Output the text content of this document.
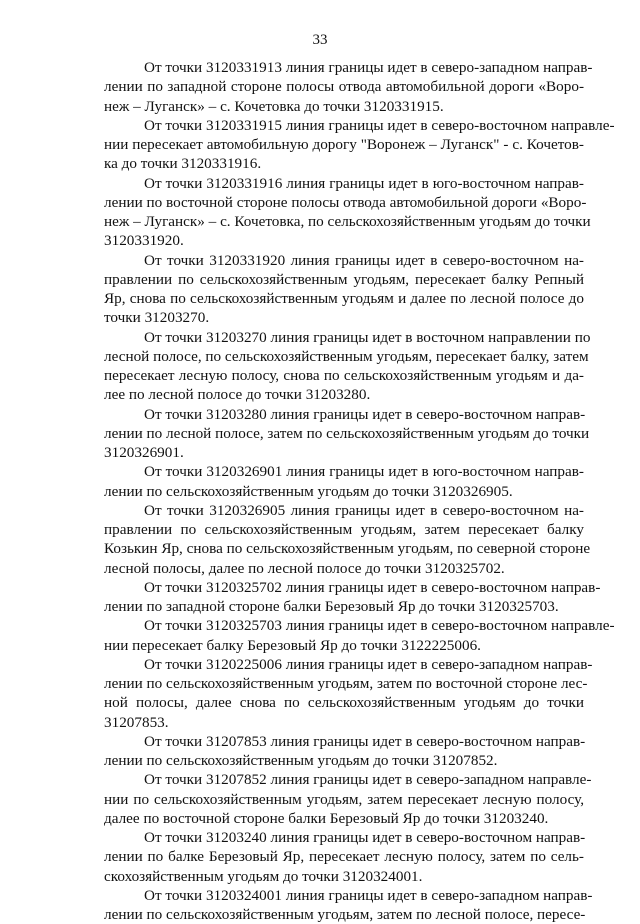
33

От точки 3120331913 линия границы идет в северо-западном направ-
лении по западной стороне полосы отвода автомобильной дороги «Воро-
неж – Луганск» – с. Кочетовка до точки 3120331915.

От точки 3120331915 линия границы идет в северо-восточном направле-
нии пересекает автомобильную дорогу "Воронеж – Луганск" - с. Кочетов-
ка до точки 3120331916.

От точки 3120331916 линия границы идет в юго-восточном направ-
лении по восточной стороне полосы отвода автомобильной дороги «Воро-
неж – Луганск» – с. Кочетовка, по сельскохозяйственным угодьям до точки
3120331920.

От точки 3120331920 линия границы идет в северо-восточном на-
правлении по сельскохозяйственным угодьям, пересекает балку Репный
Яр, снова по сельскохозяйственным угодьям и далее по лесной полосе до
точки 31203270.

От точки 31203270 линия границы идет в восточном направлении по
лесной полосе, по сельскохозяйственным угодьям, пересекает балку, затем
пересекает лесную полосу, снова по сельскохозяйственным угодьям и да-
лее по лесной полосе до точки 31203280.

От точки 31203280 линия границы идет в северо-восточном направ-
лении по лесной полосе, затем по сельскохозяйственным угодьям до точки
3120326901.

От точки 3120326901 линия границы идет в юго-восточном направ-
лении по сельскохозяйственным угодьям до точки 3120326905.

От точки 3120326905 линия границы идет в северо-восточном на-
правлении по сельскохозяйственным угодьям, затем пересекает балку
Козькин Яр, снова по сельскохозяйственным угодьям, по северной стороне
лесной полосы, далее по лесной полосе до точки 3120325702.

От точки 3120325702 линия границы идет в северо-восточном направ-
лении по западной стороне балки Березовый Яр до точки 3120325703.

От точки 3120325703 линия границы идет в северо-восточном направле-
нии пересекает балку Березовый Яр до точки 3122225006.

От точки 3120225006 линия границы идет в северо-западном направ-
лении по сельскохозяйственным угодьям, затем по восточной стороне лес-
ной полосы, далее снова по сельскохозяйственным угодьям до точки
31207853.

От точки 31207853 линия границы идет в северо-восточном направ-
лении по сельскохозяйственным угодьям до точки 31207852.

От точки 31207852 линия границы идет в северо-западном направле-
нии по сельскохозяйственным угодьям, затем пересекает лесную полосу,
далее по восточной стороне балки Березовый Яр до точки 31203240.

От точки 31203240 линия границы идет в северо-восточном направ-
лении по балке Березовый Яр, пересекает лесную полосу, затем по сель-
скохозяйственным угодьям до точки 3120324001.

От точки 3120324001 линия границы идет в северо-западном направ-
лении по сельскохозяйственным угодьям, затем по лесной полосе, пересе-
